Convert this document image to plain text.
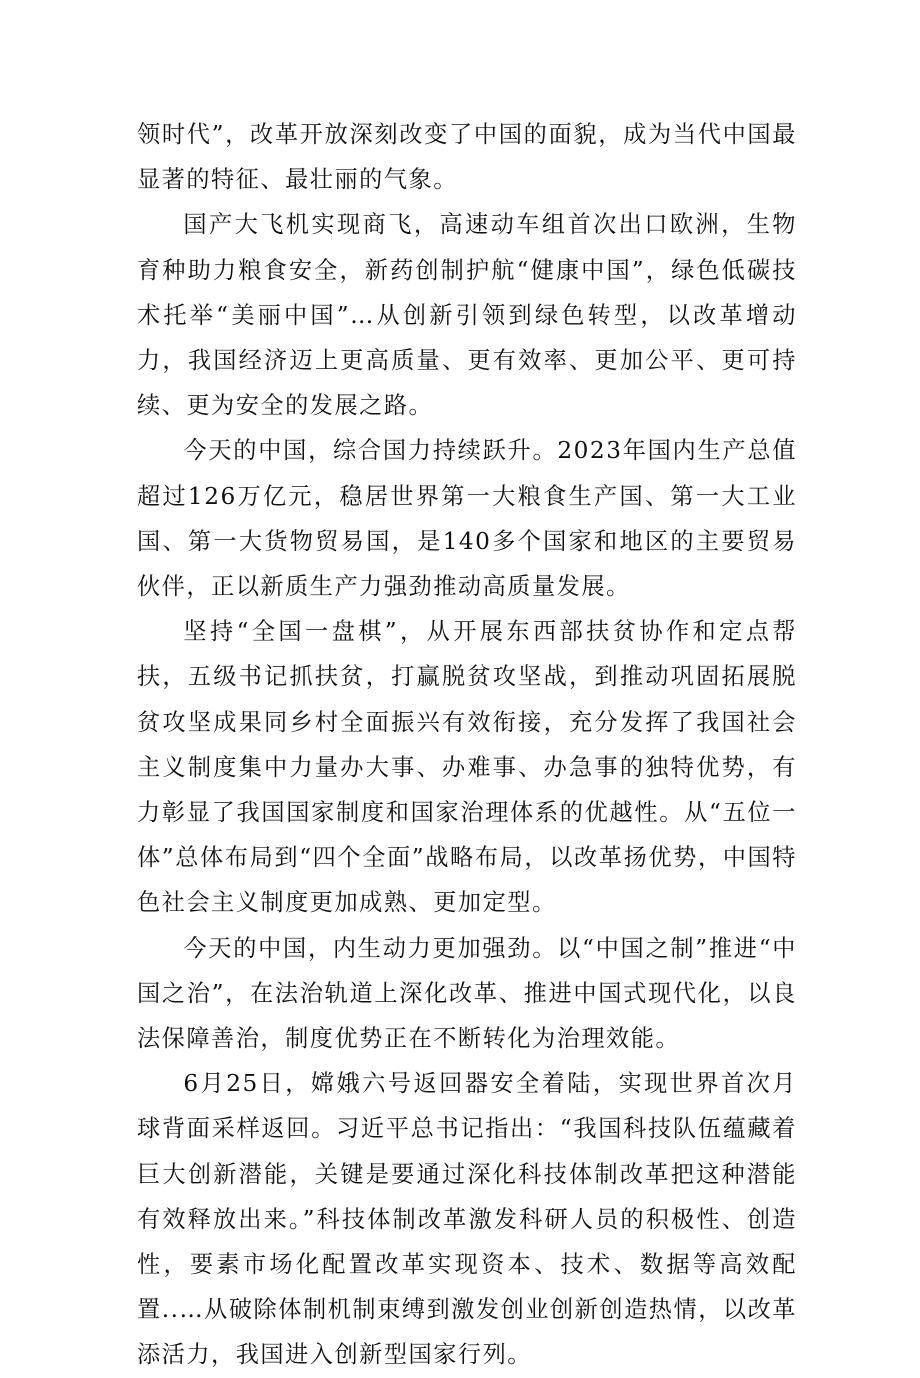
领时代”，改革开放深刻改变了中国的面貌，成为当代中国最显著的特征、最壮丽的气象。

国产大飞机实现商飞，高速动车组首次出口欧洲，生物育种助力粮食安全，新药创制护航“健康中国”，绿色低碳技术托举“美丽中国”…从创新引领到绿色转型，以改革增动力，我国经济迈上更高质量、更有效率、更加公平、更可持续、更为安全的发展之路。

今天的中国，综合国力持续跃升。2023年国内生产总值超过126万亿元，稳居世界第一大粮食生产国、第一大工业国、第一大货物贸易国，是140多个国家和地区的主要贸易伙伴，正以新质生产力强劲推动高质量发展。

坚持“全国一盘棋”，从开展东西部扶贫协作和定点帮扶，五级书记抓扶贫，打赢脱贫攻坚战，到推动巩固拓展脱贫攻坚成果同乡村全面振兴有效衔接，充分发挥了我国社会主义制度集中力量办大事、办难事、办急事的独特优势，有力彰显了我国国家制度和国家治理体系的优越性。从“五位一体”总体布局到“四个全面”战略布局，以改革扬优势，中国特色社会主义制度更加成熟、更加定型。

今天的中国，内生动力更加强劲。以“中国之制”推进“中国之治”，在法治轨道上深化改革、推进中国式现代化，以良法保障善治，制度优势正在不断转化为治理效能。

6月25日，嫦娥六号返回器安全着陆，实现世界首次月球背面采样返回。习近平总书记指出：“我国科技队伍蕴藏着巨大创新潜能，关键是要通过深化科技体制改革把这种潜能有效释放出来。”科技体制改革激发科研人员的积极性、创造性，要素市场化配置改革实现资本、技术、数据等高效配置..…从破除体制机制束缚到激发创业创新创造热情，以改革添活力，我国进入创新型国家行列。
